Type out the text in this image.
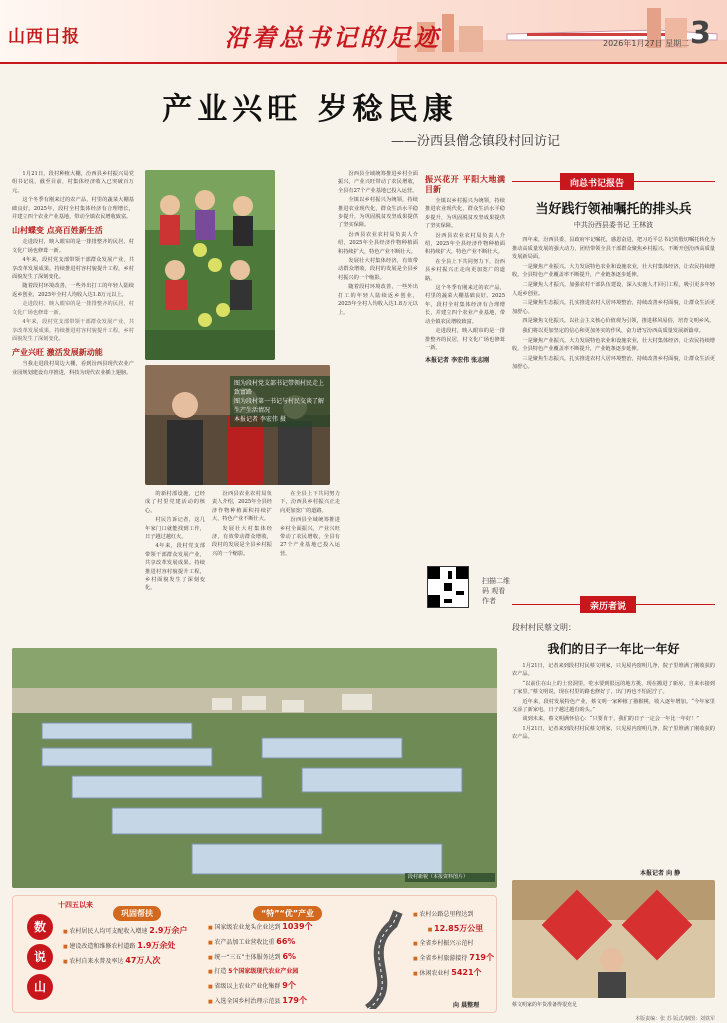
山西日报	沿着总书记的足迹	2026年1月27日 星期二 3
产业兴旺 岁稔民康
——汾西县僧念镇段村回访记

1月21日，段村种植大棚，汾西县乡村振兴局党组书记说，截至目前，村集体经济收入已突破百万元。

这个冬季有刚来过的农产品，村里的蔬菜大棚基础良好。2025年，段村全村集体经济有合理增长，并建立四个农业产业基地，带动全镇农民增收致富。

山村蝶变 点亮百姓新生活

走进段村，映入眼帘的是一排排整齐的民居，村文化广场也修葺一新。

4年来，段村党支部带领干部群众发展产业，共享改革发展成果。持续推进村容村貌提升工程，乡村面貌发生了深刻变化。

随着段村环境改善，一些外出打工的年轻人陆续返乡创业，2025年全村人均收入达1.8万元以上。

走进段村，映入眼帘的是一排排整齐的民居，村文化广场也修葺一新。

4年来，段村党支部带领干部群众发展产业，共享改革发展成果。持续推进村容村貌提升工程，乡村面貌发生了深刻变化。

产业兴旺 激活发展新动能

当我走进段村周边大棚，看到汾西县现代农业产业园规划建设有序推进，科技为现代农业插上翅膀。

图为段村党支部书记带领村民走上致富路
图为段村第一书记与村民交谈了解生产生活情况
本报记者 李宏伟 摄

的新村部设施，已经成了村里党建活动的核心。

村民告诉记者，这几年家门口就能找到工作，日子越过越红火。

4年来，段村党支部带领干部群众发展产业，共享改革发展成果。持续推进村容村貌提升工程，乡村面貌发生了深刻变化。

汾西县农业农村局负责人介绍，2025年全县经济作物种植面积持续扩大，特色产业不断壮大。

发展壮大村集体经济，有效带动群众增收，段村的发展是全县乡村振兴的一个缩影。

在全县上下共同努力下，汾西县乡村振兴正走向更加宽广的道路。

汾西县全域统筹推进乡村全面振兴，产业兴旺带动了农民增收，全县有27个产业基地已投入运营。

汾西县全域统筹推进乡村全面振兴，产业兴旺带动了农民增收，全县有27个产业基地已投入运营。

全镇以乡村振兴为统领，持续推进农业现代化，群众生活水平稳步提升，为巩固脱贫攻坚成果提供了坚实保障。

汾西县农业农村局负责人介绍，2025年全县经济作物种植面积持续扩大，特色产业不断壮大。

发展壮大村集体经济，有效带动群众增收，段村的发展是全县乡村振兴的一个缩影。

随着段村环境改善，一些外出打工的年轻人陆续返乡创业，2025年全村人均收入达1.8万元以上。

振兴花开 平阳大地满目新

全镇以乡村振兴为统领，持续推进农业现代化，群众生活水平稳步提升，为巩固脱贫攻坚成果提供了坚实保障。

汾西县农业农村局负责人介绍，2025年全县经济作物种植面积持续扩大，特色产业不断壮大。

在全县上下共同努力下，汾西县乡村振兴正走向更加宽广的道路。

这个冬季有刚来过的农产品，村里的蔬菜大棚基础良好。2025年，段村全村集体经济有合理增长，并建立四个农业产业基地，带动全镇农民增收致富。

走进段村，映入眼帘的是一排排整齐的民居，村文化广场也修葺一新。

本报记者 李宏伟 张志刚
扫描二维码 观看 作者
段村新貌（本报资料图片）
向总书记报告
当好践行领袖嘱托的排头兵
中共汾西县委书记 王林波

四年来，汾西县委、县政府牢记嘱托，感恩奋进，把习近平总书记的殷切嘱托转化为推动高质量发展的强大动力，团结带领全县干部群众聚焦乡村振兴，不断开创汾西高质量发展新局面。

一是聚焦产业振兴。大力发展特色农业和设施农业，壮大村集体经济，让农民持续增收。全县特色产业覆盖率不断提升，产业链条逐步延伸。

二是聚焦人才振兴。加强农村干部队伍建设，深入实施人才回引工程，吸引更多年轻人返乡创业。

三是聚焦生态振兴。扎实推进农村人居环境整治，持续改善乡村面貌，让群众生活更加舒心。

四是聚焦文化振兴。以社会主义核心价值观为引领，推进移风易俗，培育文明乡风。

我们将以更加坚定的信心和更加务实的作风，奋力谱写汾西高质量发展新篇章。

一是聚焦产业振兴。大力发展特色农业和设施农业，壮大村集体经济，让农民持续增收。全县特色产业覆盖率不断提升，产业链条逐步延伸。

三是聚焦生态振兴。扎实推进农村人居环境整治，持续改善乡村面貌，让群众生活更加舒心。

亲历者说
段村村民蔡文明：
我们的日子一年比一年好

1月21日，记者来到段村村民蔡文明家，只见屋内窗明几净，院子里堆满了刚收获的农产品。

“以前住在山上的土窑洞里，吃水要到很远的地方挑，现在搬进了新房，自来水接到了家里。”蔡文明说，现在村里的路也修好了，出门再也不怕泥泞了。

近年来，段村发展特色产业，蔡文明一家种植了猕猴桃，收入逐年增加。“今年家里又添了新家电，日子越过越有盼头。”

谈到未来，蔡文明满怀信心：“只要肯干，我们的日子一定会一年比一年好！”

1月21日，记者来到段村村民蔡文明家，只见屋内窗明几净，院子里堆满了刚收获的农产品。

本报记者 向 静
蔡文明家的年货准备得很充足
数
说
山
十四五以来
巩固帮扶
■ 农村居民人均可支配收入增速 2.9万余户
■ 建设改造和维修农村道路 1.9万余处
■ 农村自来水普及率达 47万人次
“特”“优”产业
■ 国家级农业龙头企业达到 1039个
■ 农产品加工业营收比重 66%
■ 统一“三五”主体服务达到 6%
■ 打造 5个国家级现代农业产业园
■ 省级以上农业产业化集群 9个
■ 入选全国乡村治理示范县 179个
■ 农村公路总里程达到
■ 12.85万公里
■ 全省乡村振兴示范村
■ 全省乡村旅游接待 719个
■ 休闲农业村 5421个
向 晨整理
本版责编：张 苏 版式/制图：刘铁军
